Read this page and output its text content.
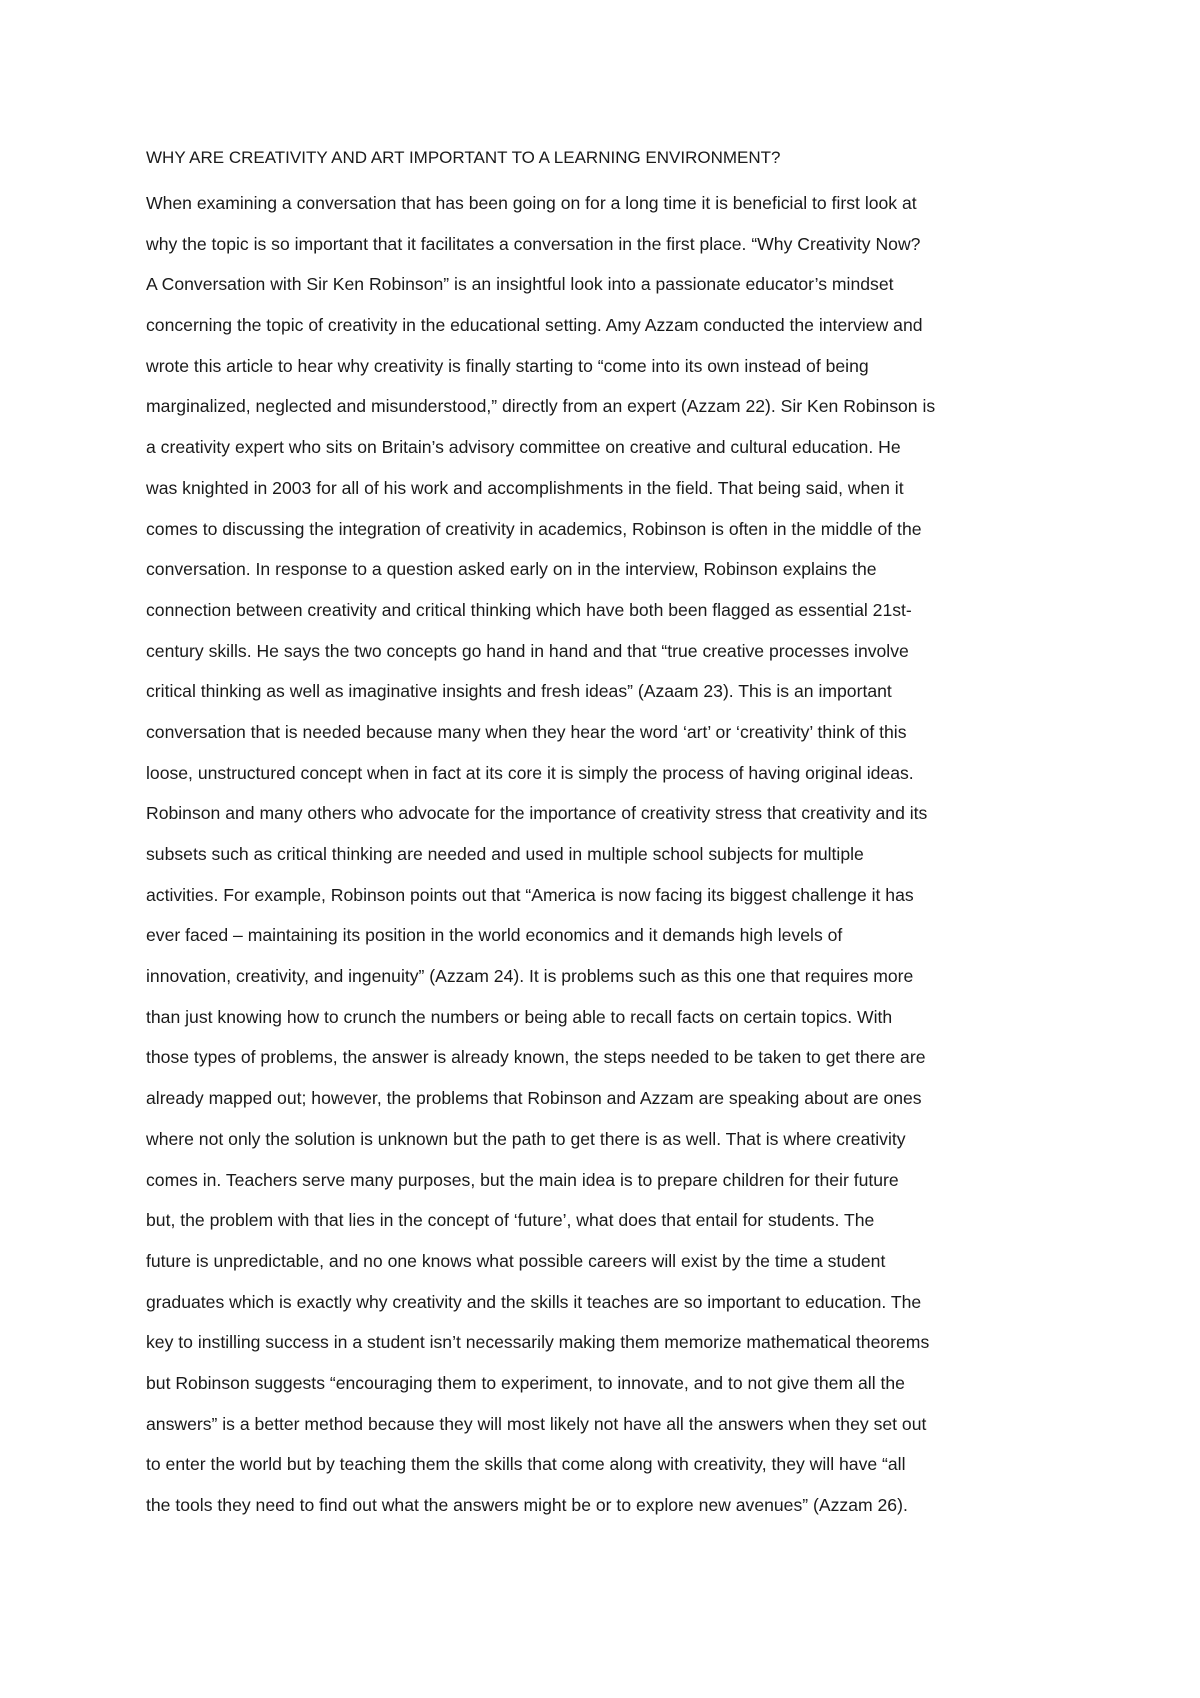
WHY ARE CREATIVITY AND ART IMPORTANT TO A LEARNING ENVIRONMENT?
When examining a conversation that has been going on for a long time it is beneficial to first look at
why the topic is so important that it facilitates a conversation in the first place. “Why Creativity Now?
A Conversation with Sir Ken Robinson” is an insightful look into a passionate educator’s mindset
concerning the topic of creativity in the educational setting. Amy Azzam conducted the interview and
wrote this article to hear why creativity is finally starting to “come into its own instead of being
marginalized, neglected and misunderstood,” directly from an expert (Azzam 22). Sir Ken Robinson is
a creativity expert who sits on Britain’s advisory committee on creative and cultural education. He
was knighted in 2003 for all of his work and accomplishments in the field. That being said, when it
comes to discussing the integration of creativity in academics, Robinson is often in the middle of the
conversation. In response to a question asked early on in the interview, Robinson explains the
connection between creativity and critical thinking which have both been flagged as essential 21st-
century skills. He says the two concepts go hand in hand and that “true creative processes involve
critical thinking as well as imaginative insights and fresh ideas” (Azaam 23). This is an important
conversation that is needed because many when they hear the word ‘art’ or ‘creativity’ think of this
loose, unstructured concept when in fact at its core it is simply the process of having original ideas.
Robinson and many others who advocate for the importance of creativity stress that creativity and its
subsets such as critical thinking are needed and used in multiple school subjects for multiple
activities. For example, Robinson points out that “America is now facing its biggest challenge it has
ever faced – maintaining its position in the world economics and it demands high levels of
innovation, creativity, and ingenuity” (Azzam 24). It is problems such as this one that requires more
than just knowing how to crunch the numbers or being able to recall facts on certain topics. With
those types of problems, the answer is already known, the steps needed to be taken to get there are
already mapped out; however, the problems that Robinson and Azzam are speaking about are ones
where not only the solution is unknown but the path to get there is as well. That is where creativity
comes in. Teachers serve many purposes, but the main idea is to prepare children for their future
but, the problem with that lies in the concept of ‘future’, what does that entail for students. The
future is unpredictable, and no one knows what possible careers will exist by the time a student
graduates which is exactly why creativity and the skills it teaches are so important to education. The
key to instilling success in a student isn’t necessarily making them memorize mathematical theorems
but Robinson suggests “encouraging them to experiment, to innovate, and to not give them all the
answers” is a better method because they will most likely not have all the answers when they set out
to enter the world but by teaching them the skills that come along with creativity, they will have “all
the tools they need to find out what the answers might be or to explore new avenues” (Azzam 26).
